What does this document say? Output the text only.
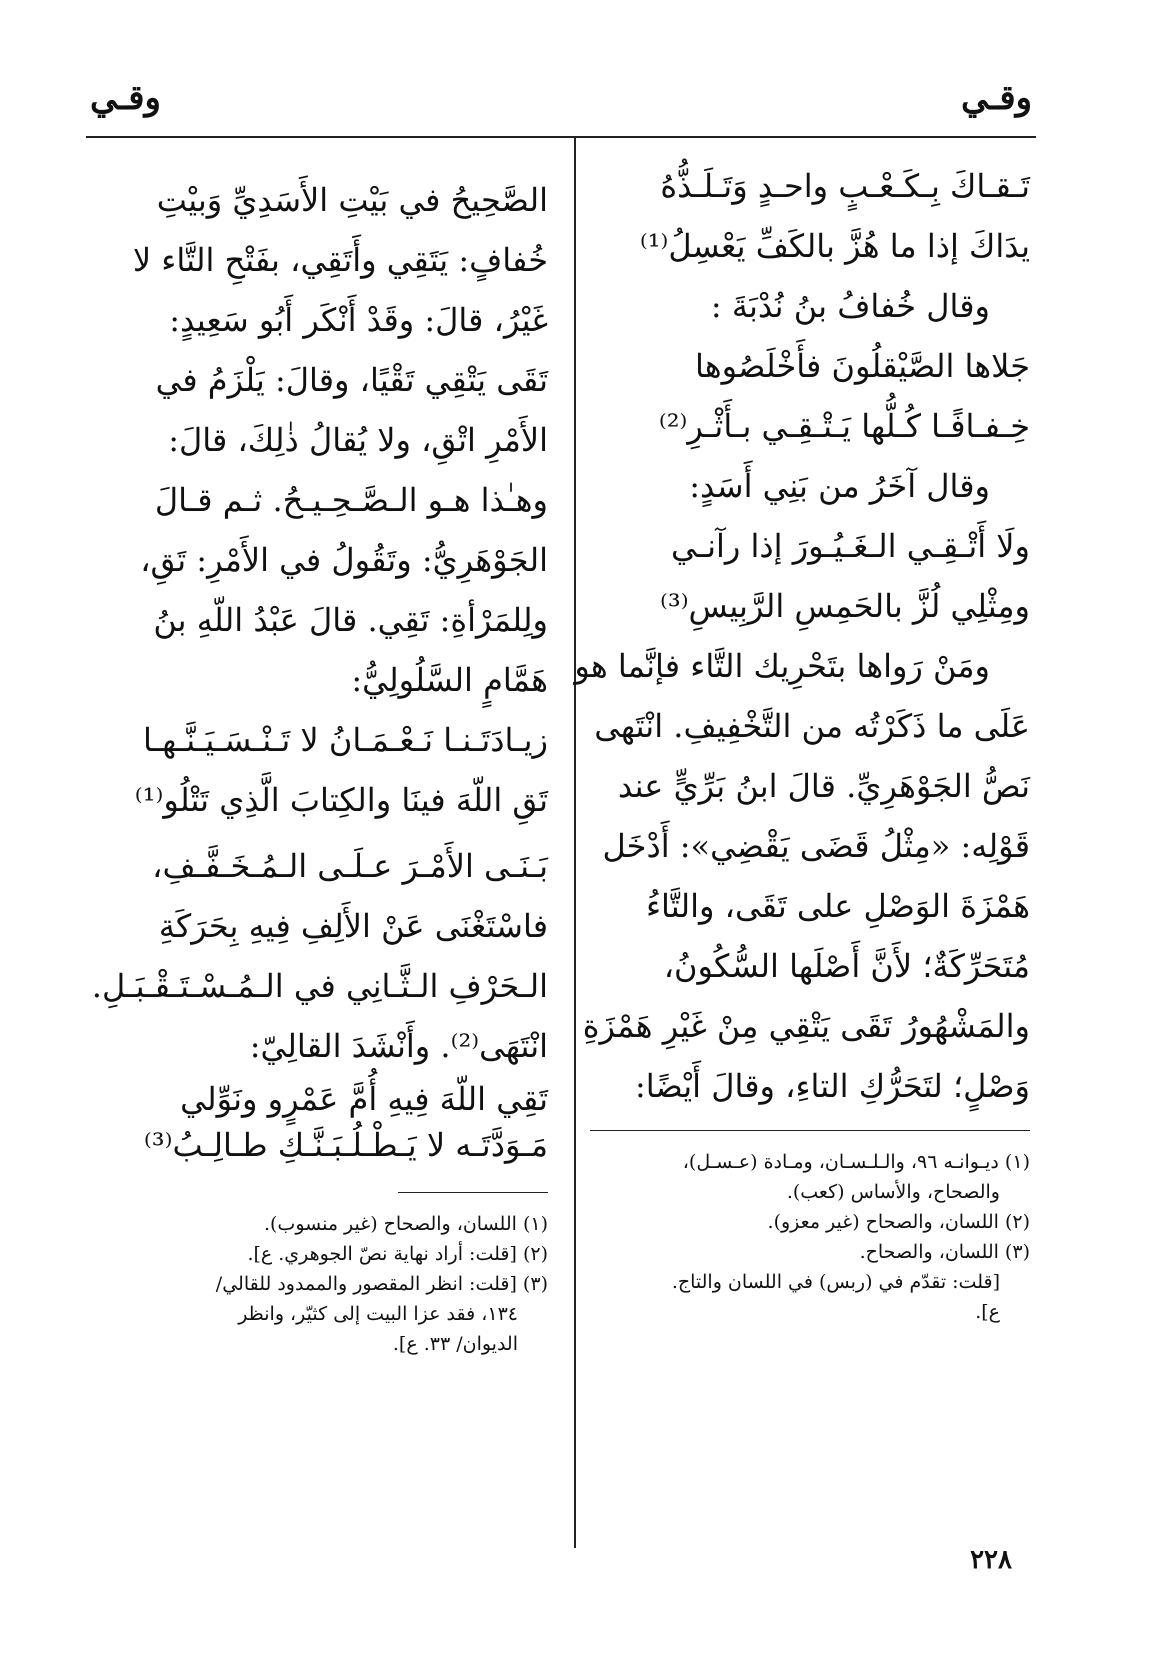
وقـي
وقـي
تَـقـاكَ بِـكَـعْـبٍ واحـدٍ وَتَـلَـذُّهُ
يدَاكَ إذا ما هُزَّ بالكَفِّ يَعْسِلُ⁽¹⁾
وقال خُفافُ بنُ نُدْبَةَ :
جَلاها الصَّيْقلُونَ فأَخْلَصُوها
خِـفـافًـا كُـلُّها يَـتْـقِـي بـأَثْـرِ⁽²⁾
وقال آخَرُ من بَنِي أَسَدٍ:
ولَا أَتْـقِـي الـغَـيُـورَ إذا رآنـي
ومِثْلِي لُزَّ بالحَمِسِ الرَّبِيسِ⁽³⁾
ومَنْ رَواها بتَحْرِيك التَّاء فإنَّما هو
عَلَى ما ذَكَرْتُه من التَّخْفِيفِ. انْتَهى
نَصُّ الجَوْهَرِيِّ. قالَ ابنُ بَرِّيٍّ عند
قَوْلِه: «مِثْلُ قَضَى يَقْضِي»: أَدْخَل
هَمْزَةَ الوَصْلِ على تَقَى، والتَّاءُ
مُتَحَرِّكَةٌ؛ لأَنَّ أَصْلَها السُّكُونُ،
والمَشْهُورُ تَقَى يَتْقِي مِنْ غَيْرِ هَمْزَةِ
وَصْلٍ؛ لتَحَرُّكِ التاءِ، وقالَ أَيْضًا:
(١) ديـوانـه ٩٦، والـلـسـان، ومـادة (عـسـل)،
والصحاح، والأساس (كعب).
(٢) اللسان، والصحاح (غير معزو).
(٣) اللسان، والصحاح.
[قلت: تقدّم في (ربس) في اللسان والتاج.
ع].
الصَّحِيحُ في بَيْتِ الأَسَدِيِّ وَبيْتِ
خُفافٍ: يَتَقِي وأَتَقِي، بفَتْحِ التَّاء لا
غَيْرُ، قالَ: وقَدْ أَنْكَر أَبُو سَعِيدٍ:
تَقَى يَتْقِي تَقْيًا، وقالَ: يَلْزَمُ في
الأَمْرِ اتْقِ، ولا يُقالُ ذٰلِكَ، قالَ:
وهـٰذا هـو الـصَّـحِـيـحُ. ثـم قـالَ
الجَوْهَرِيُّ: وتَقُولُ في الأَمْرِ: تَقِ،
ولِلمَرْأةِ: تَقِي. قالَ عَبْدُ اللّهِ بنُ
هَمَّامٍ السَّلُولِيُّ:
زيـادَتَـنـا نَـعْـمَـانُ لا تَـنْـسَـيَـنَّـهـا
تَقِ اللّهَ فينَا والكِتابَ الَّذِي تَتْلُو⁽¹⁾
بَـنَـى الأَمْـرَ عـلَـى الـمُـخَـفَّـفِ،
فاسْتَغْنَى عَنْ الأَلِفِ فِيهِ بِحَرَكَةِ
الـحَرْفِ الـثَّـانِي في الـمُـسْـتَـقْـبَـلِ.
انْتَهَى⁽²⁾. وأَنْشَدَ القالِيّ:
تَقِي اللّهَ فِيهِ أُمَّ عَمْرٍو ونَوِّلي
مَـوَدَّتَـه لا يَـطْـلُـبَـنَّـكِ طـالِـبُ⁽³⁾
(١) اللسان، والصحاح (غير منسوب).
(٢) [قلت: أراد نهاية نصّ الجوهري. ع].
(٣) [قلت: انظر المقصور والممدود للقالي/
١٣٤، فقد عزا البيت إلى كثيّر، وانظر
الديوان/ ٣٣. ع].
٢٢٨
